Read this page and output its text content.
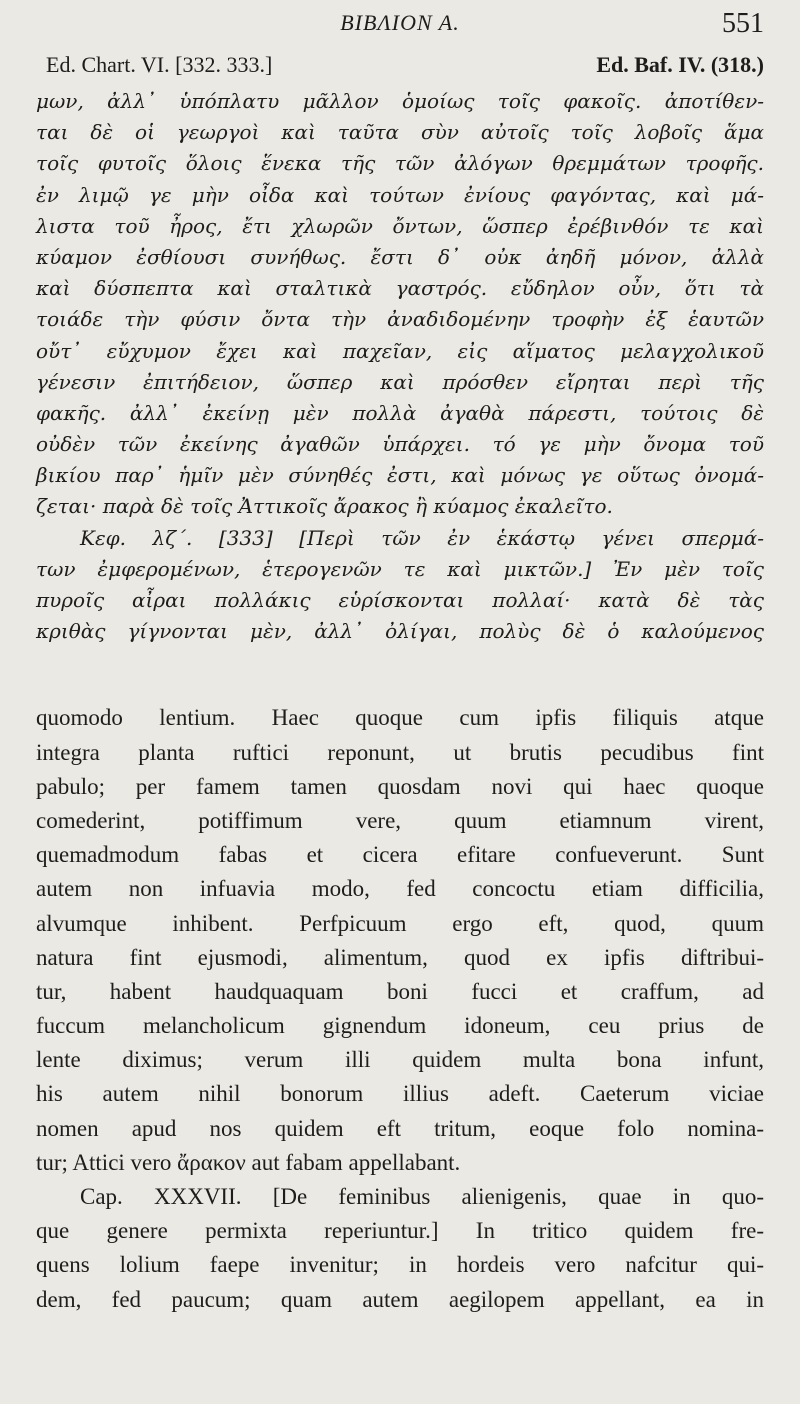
BIBΛΙΟΝ Α.	551
Ed. Chart. VI. [332. 333.]	Ed. Baf. IV. (318.)
μων, ἀλλ᾽ ὑπόπλατυ μᾶλλον ὁμοίως τοῖς φακοῖς. ἀποτίθεν-
ται δὲ οἱ γεωργοὶ καὶ ταῦτα σὺν αὐτοῖς τοῖς λοβοῖς ἅμα
τοῖς φυτοῖς ὅλοις ἕνεκα τῆς τῶν ἀλόγων θρεμμάτων τροφῆς.
ἐν λιμῷ γε μὴν οἶδα καὶ τούτων ἐνίους φαγόντας, καὶ μά-
λιστα τοῦ ἦρος, ἔτι χλωρῶν ὄντων, ὥσπερ ἐρέβινθόν τε καὶ
κύαμον ἐσθίουσι συνήθως. ἔστι δ᾽ οὐκ ἀηδῆ μόνον, ἀλλὰ
καὶ δύσπεπτα καὶ σταλτικὰ γαστρός. εὔδηλον οὖν, ὅτι τὰ
τοιάδε τὴν φύσιν ὄντα τὴν ἀναδιδομένην τροφὴν ἐξ ἑαυτῶν
οὔτ᾽ εὔχυμον ἔχει καὶ παχεῖαν, εἰς αἵματος μελαγχολικοῦ
γένεσιν ἐπιτήδειον, ὥσπερ καὶ πρόσθεν εἴρηται περὶ τῆς
φακῆς. ἀλλ᾽ ἐκείνῃ μὲν πολλὰ ἀγαθὰ πάρεστι, τούτοις δὲ
οὐδὲν τῶν ἐκείνης ἀγαθῶν ὑπάρχει. τό γε μὴν ὄνομα τοῦ
βικίου παρ᾽ ἡμῖν μὲν σύνηθές ἐστι, καὶ μόνως γε οὕτως ὀνομά-
ζεται· παρὰ δὲ τοῖς Ἀττικοῖς ἄρακος ἢ κύαμος ἐκαλεῖτο.
Κεφ. λζ΄. [333] [Περὶ τῶν ἐν ἑκάστῳ γένει σπερμά-
των ἐμφερομένων, ἑτερογενῶν τε καὶ μικτῶν.] Ἐν μὲν τοῖς
πυροῖς αἶραι πολλάκις εὑρίσκονται πολλαί· κατὰ δὲ τὰς
κριθὰς γίγνονται μὲν, ἀλλ᾽ ὀλίγαι, πολὺς δὲ ὁ καλούμενος
quomodo lentium. Haec quoque cum ipfis filiquis atque
integra planta ruftici reponunt, ut brutis pecudibus fint
pabulo; per famem tamen quosdam novi qui haec quoque
comederint, potiffimum vere, quum etiamnum virent,
quemadmodum fabas et cicera efitare confueverunt. Sunt
autem non infuavia modo, fed concoctu etiam difficilia,
alvumque inhibent. Perfpicuum ergo eft, quod, quum
natura fint ejusmodi, alimentum, quod ex ipfis diftribui-
tur, habent haudquaquam boni fucci et craffum, ad
fuccum melancholicum gignendum idoneum, ceu prius de
lente diximus; verum illi quidem multa bona infunt,
his autem nihil bonorum illius adeft. Caeterum viciae
nomen apud nos quidem eft tritum, eoque folo nomina-
tur; Attici vero ἄρακον aut fabam appellabant.
Cap. XXXVII. [De feminibus alienigenis, quae in quo-
que genere permixta reperiuntur.] In tritico quidem fre-
quens lolium faepe invenitur; in hordeis vero nafcitur qui-
dem, fed paucum; quam autem aegilopem appellant, ea in
